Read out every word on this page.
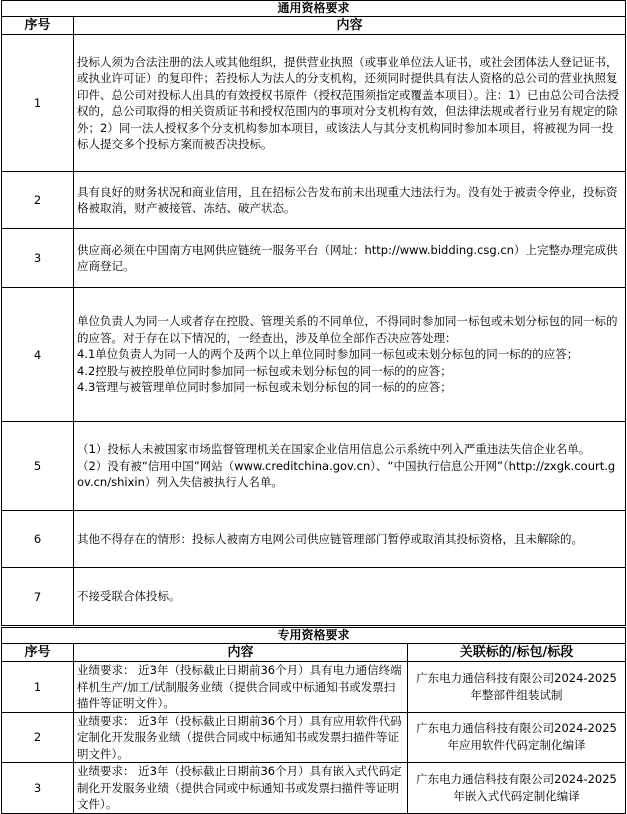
通用资格要求	
序号	内容
1	投标人须为合法注册的法人或其他组织，提供营业执照（或事业单位法人证书，或社会团体法人登记证书，或执业许可证）的复印件；若投标人为法人的分支机构，还须同时提供具有法人资格的总公司的营业执照复印件、总公司对投标人出具的有效授权书原件（授权范围须指定或覆盖本项目）。注：1）已由总公司合法授权的，总公司取得的相关资质证书和授权范围内的事项对分支机构有效，但法律法规或者行业另有规定的除外；2）同一法人授权多个分支机构参加本项目，或该法人与其分支机构同时参加本项目，将被视为同一投标人提交多个投标方案而被否决投标。
2	具有良好的财务状况和商业信用，且在招标公告发布前未出现重大违法行为。没有处于被责令停业，投标资格被取消，财产被接管、冻结、破产状态。
3	供应商必须在中国南方电网供应链统一服务平台（网址：http://www.bidding.csg.cn）上完整办理完成供应商登记。
4	单位负责人为同一人或者存在控股、管理关系的不同单位，不得同时参加同一标包或未划分标包的同一标的的应答。对于存在以下情况的，一经查出，涉及单位全部作否决应答处理：
4.1单位负责人为同一人的两个及两个以上单位同时参加同一标包或未划分标包的同一标的的应答；
4.2控股与被控股单位同时参加同一标包或未划分标包的同一标的的应答；
4.3管理与被管理单位同时参加同一标包或未划分标包的同一标的的应答；

5	（1）投标人未被国家市场监督管理机关在国家企业信用信息公示系统中列入严重违法失信企业名单。
（2）没有被“信用中国”网站（www.creditchina.gov.cn）、“中国执行信息公开网”（http://zxgk.court.gov.cn/shixin）列入失信被执行人名单。

6	其他不得存在的情形：投标人被南方电网公司供应链管理部门暂停或取消其投标资格，且未解除的。
7	不接受联合体投标。
专用资格要求		
序号	内容	关联标的/标包/标段
1	业绩要求： 近3年（投标截止日期前36个月）具有电力通信终端样机生产/加工/试制服务业绩（提供合同或中标通知书或发票扫描件等证明文件）。	广东电力通信科技有限公司2024-2025年整部件组装试制
2	业绩要求： 近3年（投标截止日期前36个月）具有应用软件代码定制化开发服务业绩（提供合同或中标通知书或发票扫描件等证明文件）。	广东电力通信科技有限公司2024-2025年应用软件代码定制化编译
3	业绩要求： 近3年（投标截止日期前36个月）具有嵌入式代码定制化开发服务业绩（提供合同或中标通知书或发票扫描件等证明文件）。	广东电力通信科技有限公司2024-2025年嵌入式代码定制化编译
